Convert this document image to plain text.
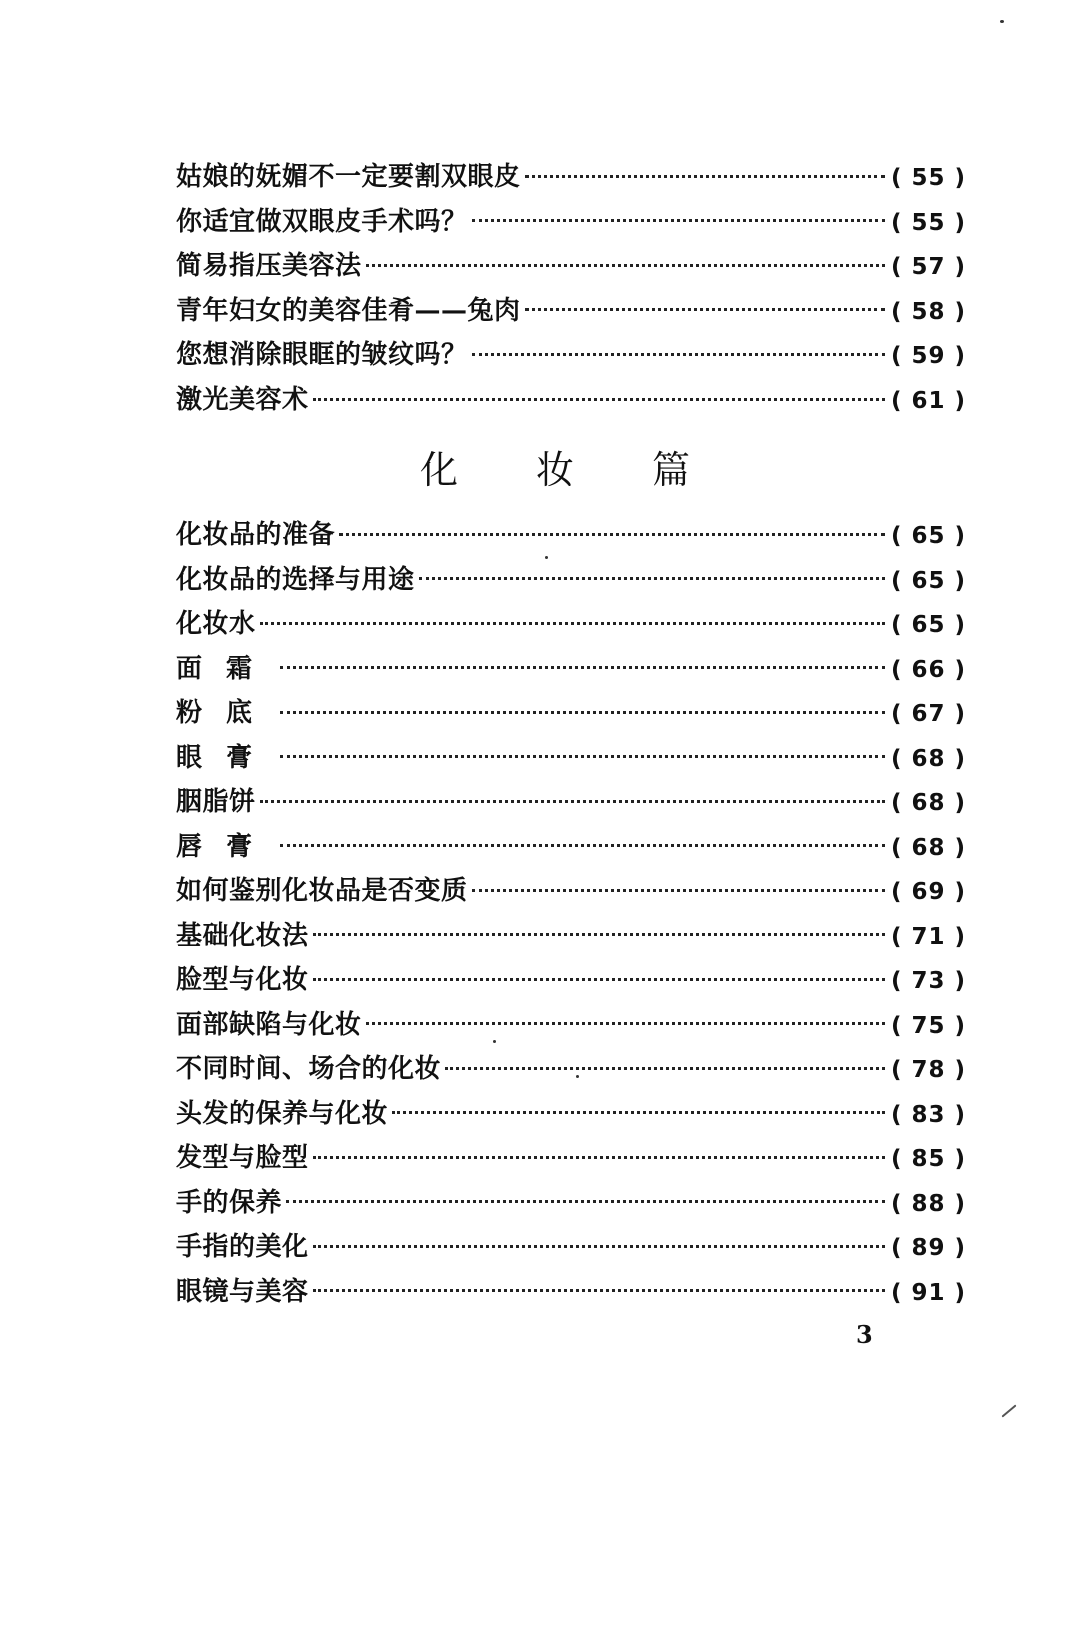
姑娘的妩媚不一定要割双眼皮	( 55 )
你适宜做双眼皮手术吗？	( 55 )
简易指压美容法	( 57 )
青年妇女的美容佳肴——兔肉	( 58 )
您想消除眼眶的皱纹吗？	( 59 )
激光美容术	( 61 )
化妆篇
化妆品的准备	( 65 )
化妆品的选择与用途	( 65 )
化妆水	( 65 )
面霜	( 66 )
粉底	( 67 )
眼膏	( 68 )
胭脂饼	( 68 )
唇膏	( 68 )
如何鉴别化妆品是否变质	( 69 )
基础化妆法	( 71 )
脸型与化妆	( 73 )
面部缺陷与化妆	( 75 )
不同时间、场合的化妆	( 78 )
头发的保养与化妆	( 83 )
发型与脸型	( 85 )
手的保养	( 88 )
手指的美化	( 89 )
眼镜与美容	( 91 )
3
